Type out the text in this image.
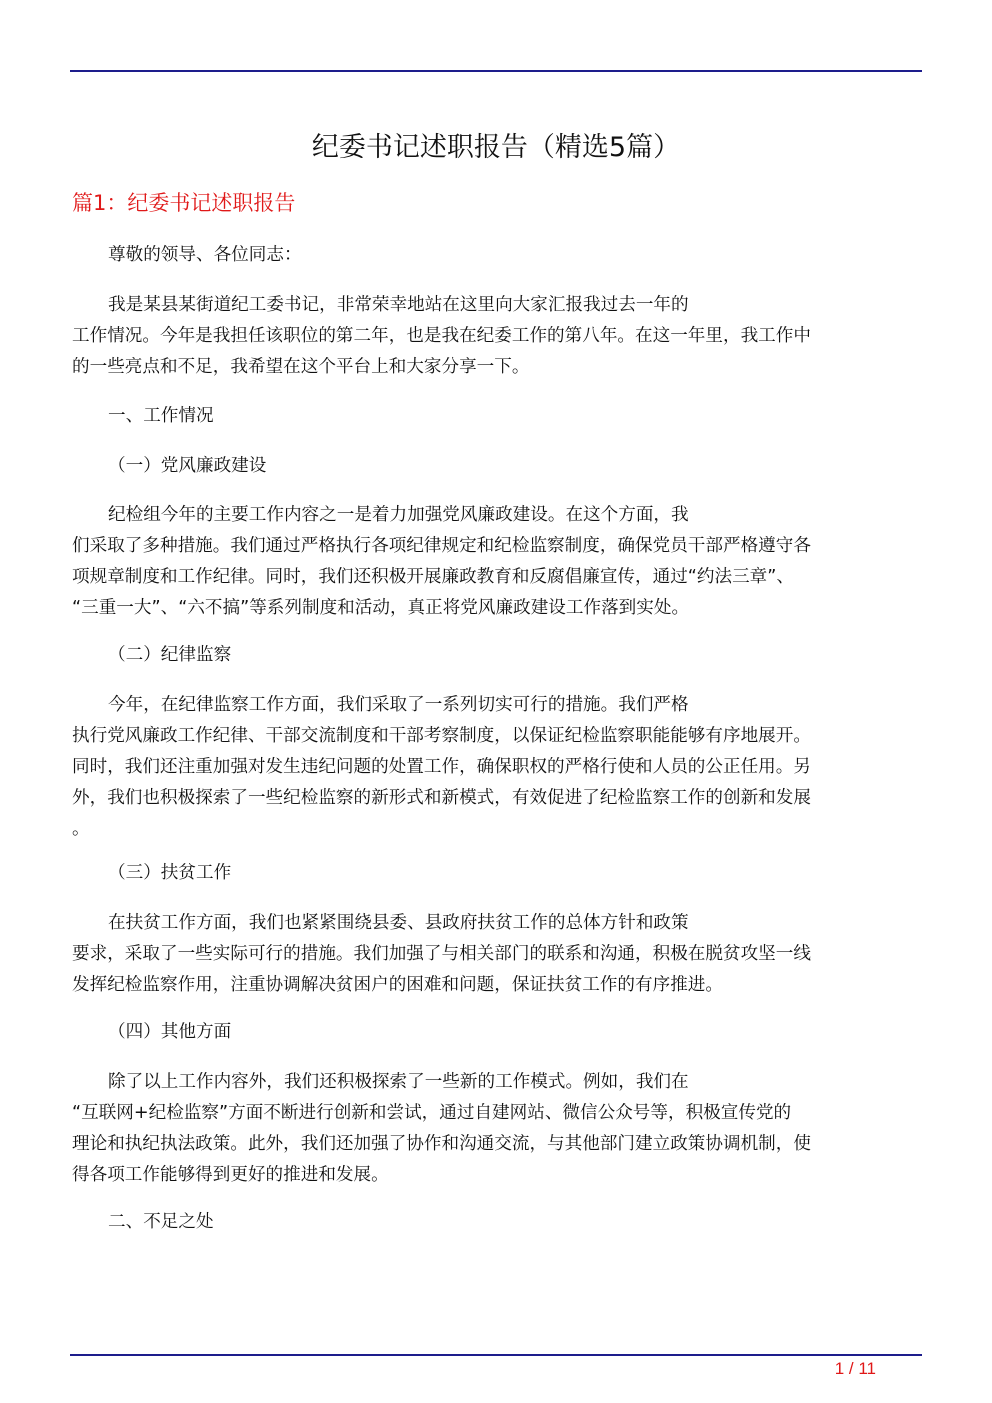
纪委书记述职报告（精选5篇）
篇1：纪委书记述职报告

尊敬的领导、各位同志：

我是某县某街道纪工委书记，非常荣幸地站在这里向大家汇报我过去一年的
工作情况。今年是我担任该职位的第二年，也是我在纪委工作的第八年。在这一年里，我工作中
的一些亮点和不足，我希望在这个平台上和大家分享一下。

一、工作情况

（一）党风廉政建设

纪检组今年的主要工作内容之一是着力加强党风廉政建设。在这个方面，我
们采取了多种措施。我们通过严格执行各项纪律规定和纪检监察制度，确保党员干部严格遵守各
项规章制度和工作纪律。同时，我们还积极开展廉政教育和反腐倡廉宣传，通过“约法三章”、
“三重一大”、“六不搞”等系列制度和活动，真正将党风廉政建设工作落到实处。

（二）纪律监察

今年，在纪律监察工作方面，我们采取了一系列切实可行的措施。我们严格
执行党风廉政工作纪律、干部交流制度和干部考察制度，以保证纪检监察职能能够有序地展开。
同时，我们还注重加强对发生违纪问题的处置工作，确保职权的严格行使和人员的公正任用。另
外，我们也积极探索了一些纪检监察的新形式和新模式，有效促进了纪检监察工作的创新和发展
。

（三）扶贫工作

在扶贫工作方面，我们也紧紧围绕县委、县政府扶贫工作的总体方针和政策
要求，采取了一些实际可行的措施。我们加强了与相关部门的联系和沟通，积极在脱贫攻坚一线
发挥纪检监察作用，注重协调解决贫困户的困难和问题，保证扶贫工作的有序推进。

（四）其他方面

除了以上工作内容外，我们还积极探索了一些新的工作模式。例如，我们在
“互联网+纪检监察”方面不断进行创新和尝试，通过自建网站、微信公众号等，积极宣传党的
理论和执纪执法政策。此外，我们还加强了协作和沟通交流，与其他部门建立政策协调机制，使
得各项工作能够得到更好的推进和发展。

二、不足之处

1 / 11
